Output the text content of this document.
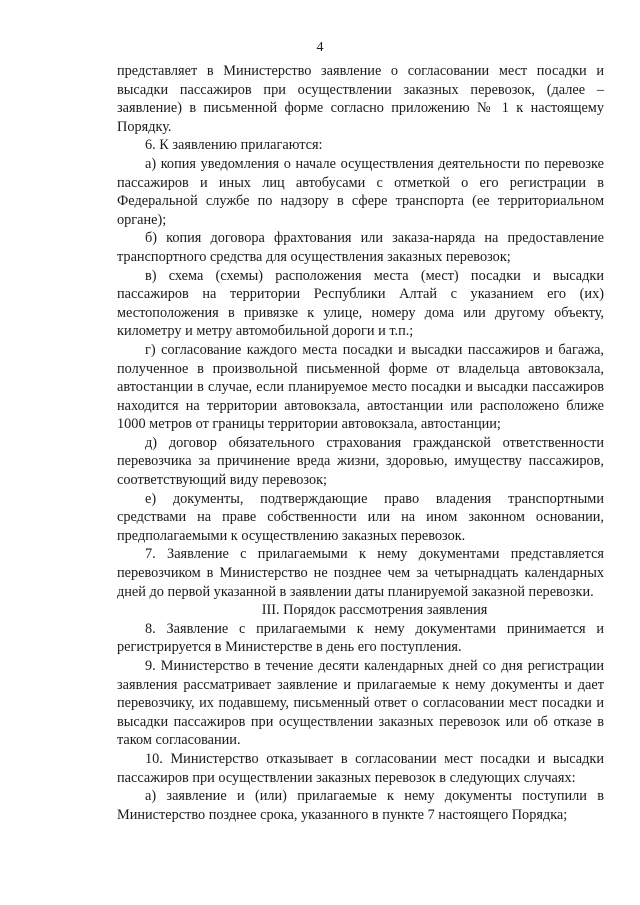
4

представляет в Министерство заявление о согласовании мест посадки и высадки пассажиров при осуществлении заказных перевозок, (далее – заявление) в письменной форме согласно приложению № 1 к настоящему Порядку.

6. К заявлению прилагаются:

а) копия уведомления о начале осуществления деятельности по перевозке пассажиров и иных лиц автобусами с отметкой о его регистрации в Федеральной службе по надзору в сфере транспорта (ее территориальном органе);

б) копия договора фрахтования или заказа-наряда на предоставление транспортного средства для осуществления заказных перевозок;

в) схема (схемы) расположения места (мест) посадки и высадки пассажиров на территории Республики Алтай с указанием его (их) местоположения в привязке к улице, номеру дома или другому объекту, километру и метру автомобильной дороги и т.п.;

г) согласование каждого места посадки и высадки пассажиров и багажа, полученное в произвольной письменной форме от владельца автовокзала, автостанции в случае, если планируемое место посадки и высадки пассажиров находится на территории автовокзала, автостанции или расположено ближе 1000 метров от границы территории автовокзала, автостанции;

д) договор обязательного страхования гражданской ответственности перевозчика за причинение вреда жизни, здоровью, имуществу пассажиров, соответствующий виду перевозок;

е) документы, подтверждающие право владения транспортными средствами на праве собственности или на ином законном основании, предполагаемыми к осуществлению заказных перевозок.

7. Заявление с прилагаемыми к нему документами представляется перевозчиком в Министерство не позднее чем за четырнадцать календарных дней до первой указанной в заявлении даты планируемой заказной перевозки.

III. Порядок рассмотрения заявления

8. Заявление с прилагаемыми к нему документами принимается и регистрируется в Министерстве в день его поступления.

9. Министерство в течение десяти календарных дней со дня регистрации заявления рассматривает заявление и прилагаемые к нему документы и дает перевозчику, их подавшему, письменный ответ о согласовании мест посадки и высадки пассажиров при осуществлении заказных перевозок или об отказе в таком согласовании.

10. Министерство отказывает в согласовании мест посадки и высадки пассажиров при осуществлении заказных перевозок в следующих случаях:

а) заявление и (или) прилагаемые к нему документы поступили в Министерство позднее срока, указанного в пункте 7 настоящего Порядка;
